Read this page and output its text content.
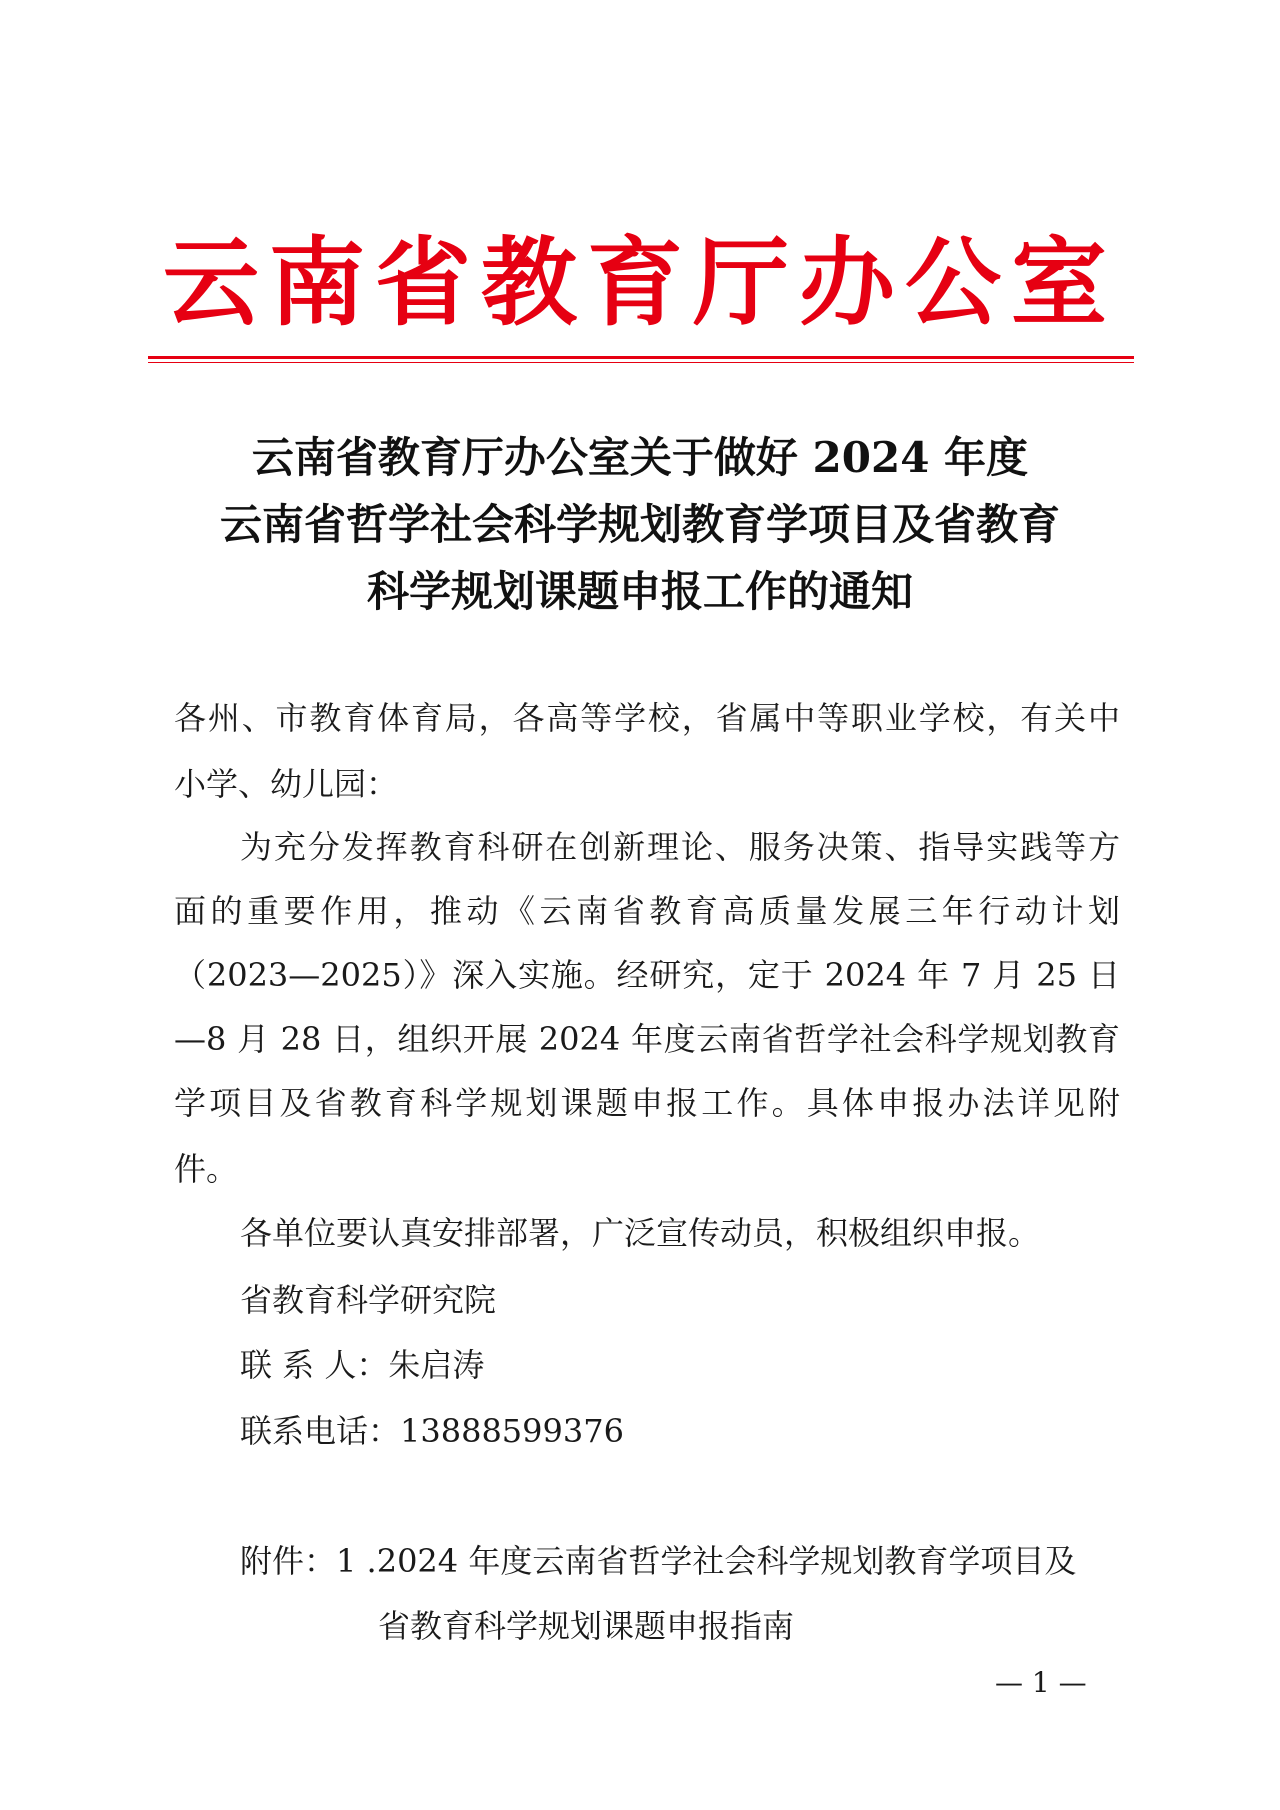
云南省教育厅办公室
云南省教育厅办公室关于做好 2024 年度
云南省哲学社会科学规划教育学项目及省教育
科学规划课题申报工作的通知
各州、市教育体育局，各高等学校，省属中等职业学校，有关中
小学、幼儿园：
为充分发挥教育科研在创新理论、服务决策、指导实践等方
面的重要作用，推动《云南省教育高质量发展三年行动计划
（2023—2025）》深入实施。经研究，定于 2024 年 7 月 25 日
—8 月 28 日，组织开展 2024 年度云南省哲学社会科学规划教育
学项目及省教育科学规划课题申报工作。具体申报办法详见附
件。
各单位要认真安排部署，广泛宣传动员，积极组织申报。
省教育科学研究院
联 系 人：朱启涛
联系电话：13888599376
附件：1 .2024 年度云南省哲学社会科学规划教育学项目及
省教育科学规划课题申报指南
— 1 —
